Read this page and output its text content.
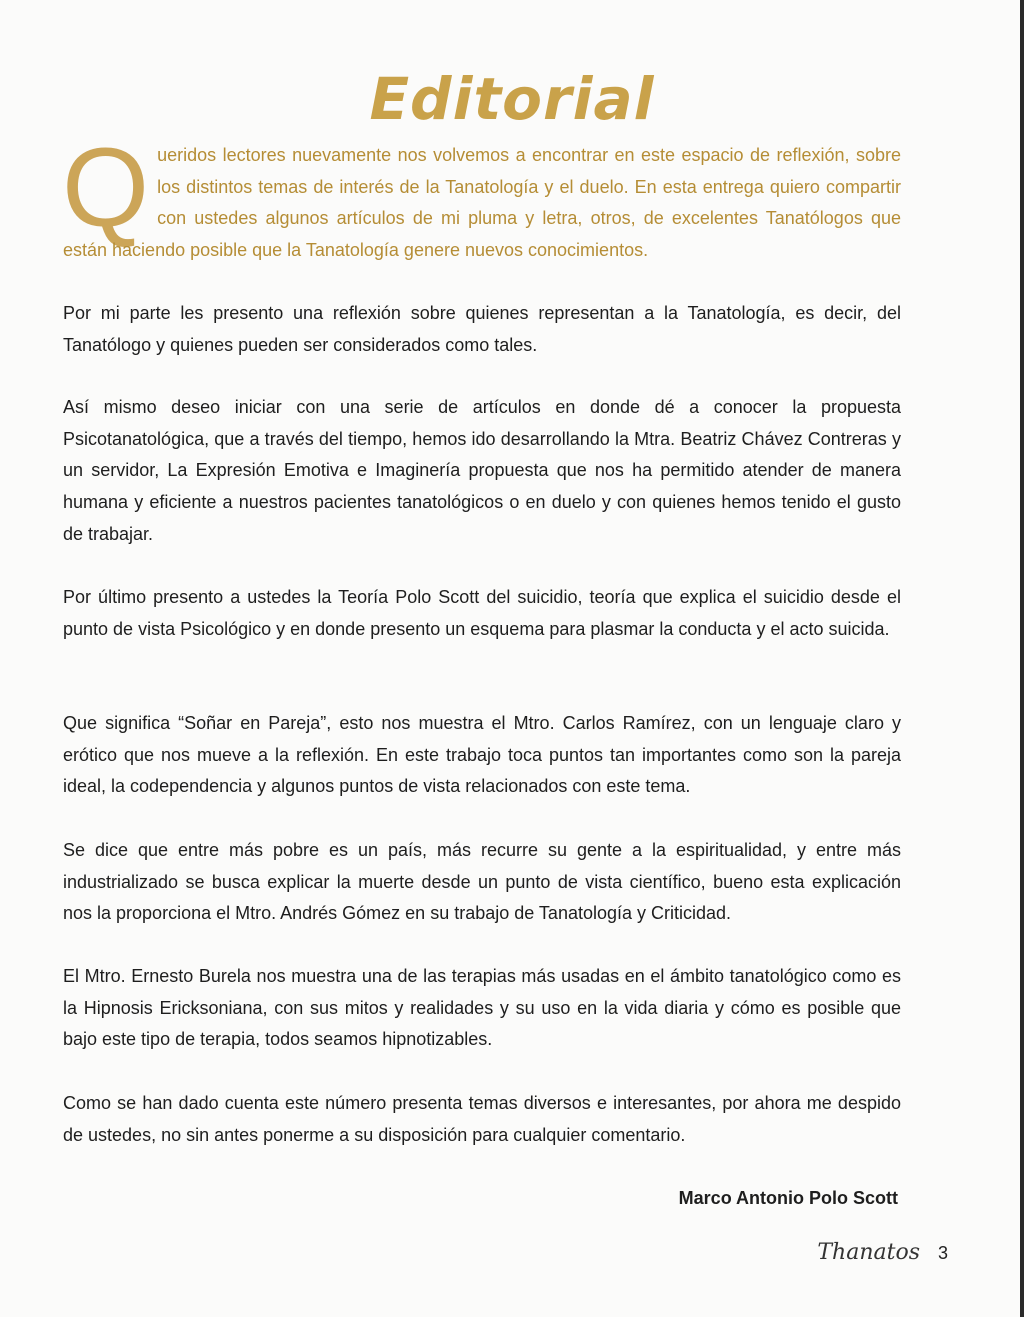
Editorial

Queridos lectores nuevamente nos volvemos a encontrar en este espacio de reflexión, sobre los distintos temas de interés de la Tanatología y el duelo. En esta entrega quiero compartir con ustedes algunos artículos de mi pluma y letra, otros, de excelentes Tanatólogos que están haciendo posible que la Tanatología genere nuevos conocimientos.

Por mi parte les presento una reflexión sobre quienes representan a la Tanatología, es decir, del Tanatólogo y quienes pueden ser considerados como tales.

Así mismo deseo iniciar con una serie de artículos en donde dé a conocer la propuesta Psicotanatológica, que a través del tiempo, hemos ido desarrollando la Mtra. Beatriz Chávez Contreras y un servidor, La Expresión Emotiva e Imaginería propuesta que nos ha permitido atender de manera humana y eficiente a nuestros pacientes tanatológicos o en duelo y con quienes hemos tenido el gusto de trabajar.

Por último presento a ustedes la Teoría Polo Scott del suicidio, teoría que explica el suicidio desde el punto de vista Psicológico y en donde presento un esquema para plasmar la conducta y el acto suicida.

Que significa “Soñar en Pareja”, esto nos muestra el Mtro. Carlos Ramírez, con un lenguaje claro y erótico que nos mueve a la reflexión. En este trabajo toca puntos tan importantes como son la pareja ideal, la codependencia y algunos puntos de vista relacionados con este tema.

Se dice que entre más pobre es un país, más recurre su gente a la espiritualidad, y entre más industrializado se busca explicar la muerte desde un punto de vista científico, bueno esta explicación nos la proporciona el Mtro. Andrés Gómez en su trabajo de Tanatología y Criticidad.

El Mtro. Ernesto Burela nos muestra una de las terapias más usadas en el ámbito tanatológico como es la Hipnosis Ericksoniana, con sus mitos y realidades y su uso en la vida diaria y cómo es posible que bajo este tipo de terapia, todos seamos hipnotizables.

Como se han dado cuenta este número presenta temas diversos e interesantes, por ahora me despido de ustedes, no sin antes ponerme a su disposición para cualquier comentario.

Marco Antonio Polo Scott
Thanatos 3
